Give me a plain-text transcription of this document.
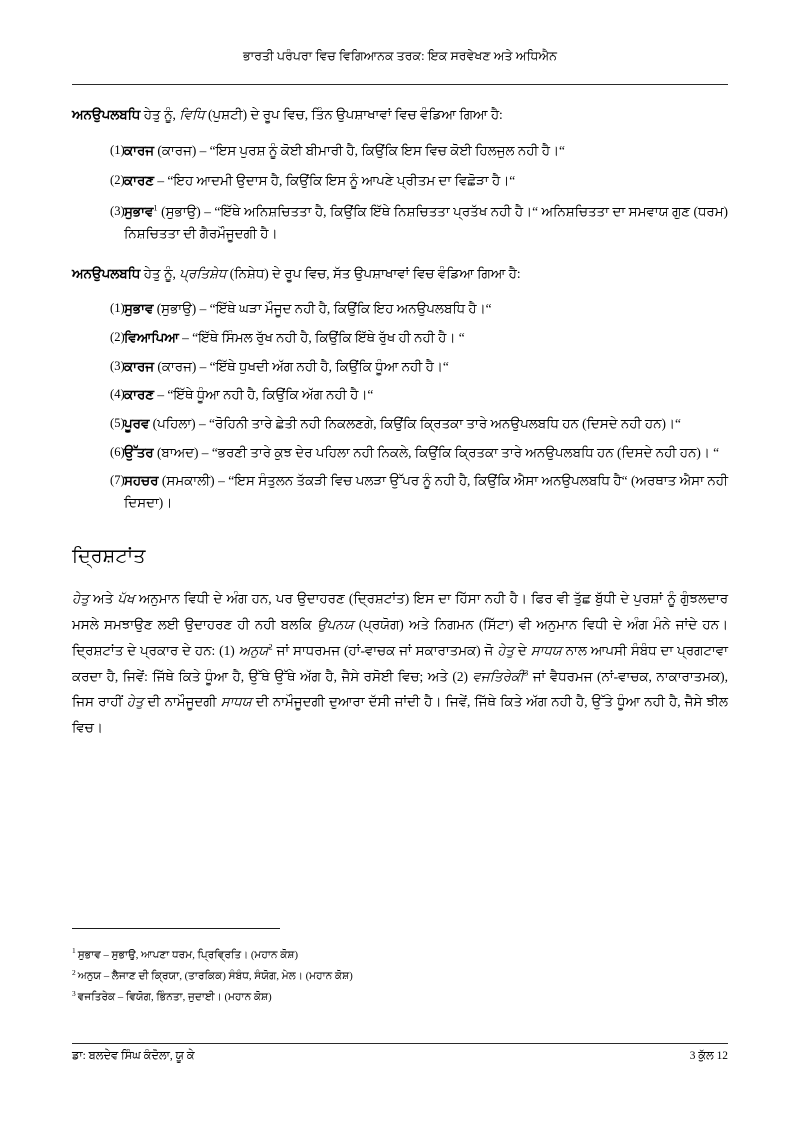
ਭਾਰਤੀ ਪਰੰਪਰਾ ਵਿਚ ਵਿਗਿਆਨਕ ਤਰਕ: ਇਕ ਸਰਵੇਖਣ ਅਤੇ ਅਧਿਐਨ

ਅਨਉਪਲਬਧਿ ਹੇਤੁ ਨੂੰ, ਵਿਧਿ (ਪੁਸ਼ਟੀ) ਦੇ ਰੂਪ ਵਿਚ, ਤਿੰਨ ਉਪਸ਼ਾਖਾਵਾਂ ਵਿਚ ਵੰਡਿਆ ਗਿਆ ਹੈ:

(1) ਕਾਰਜ (ਕਾਰਜ) – “ਇਸ ਪੁਰਸ਼ ਨੂੰ ਕੋਈ ਬੀਮਾਰੀ ਹੈ, ਕਿਉਂਕਿ ਇਸ ਵਿਚ ਕੋਈ ਹਿਲਜੁਲ ਨਹੀ ਹੈ।“
(2) ਕਾਰਣ – “ਇਹ ਆਦਮੀ ਉਦਾਸ ਹੈ, ਕਿਉਂਕਿ ਇਸ ਨੂੰ ਆਪਣੇ ਪ੍ਰੀਤਮ ਦਾ ਵਿਛੋੜਾ ਹੈ।“
(3) ਸੁਭਾਵ$^1$ (ਸੁਭਾਉ) – “ਇੱਥੇ ਅਨਿਸ਼ਚਿਤਤਾ ਹੈ, ਕਿਉਂਕਿ ਇੱਥੇ ਨਿਸ਼ਚਿਤਤਾ ਪ੍ਰਤੱਖ ਨਹੀ ਹੈ।“ ਅਨਿਸ਼ਚਿਤਤਾ ਦਾ ਸਮਵਾਯ ਗੁਣ (ਧਰਮ) ਨਿਸ਼ਚਿਤਤਾ ਦੀ ਗੈਰਮੌਜੂਦਗੀ ਹੈ।

ਅਨਉਪਲਬਧਿ ਹੇਤੁ ਨੂੰ, ਪ੍ਰਤਿਸ਼ੇਧ (ਨਿਸ਼ੇਧ) ਦੇ ਰੂਪ ਵਿਚ, ਸੱਤ ਉਪਸ਼ਾਖਾਵਾਂ ਵਿਚ ਵੰਡਿਆ ਗਿਆ ਹੈ:

(1) ਸੁਭਾਵ (ਸੁਭਾਉ) – “ਇੱਥੇ ਘੜਾ ਮੌਜੂਦ ਨਹੀ ਹੈ, ਕਿਉਂਕਿ ਇਹ ਅਨਉਪਲਬਧਿ ਹੈ।“
(2) ਵਿਆਪਿਆ – “ਇੱਥੇ ਸਿੰਮਲ ਰੁੱਖ ਨਹੀ ਹੈ, ਕਿਉਂਕਿ ਇੱਥੇ ਰੁੱਖ ਹੀ ਨਹੀ ਹੈ। “
(3) ਕਾਰਜ (ਕਾਰਜ) – “ਇੱਥੇ ਧੁਖਦੀ ਅੱਗ ਨਹੀ ਹੈ, ਕਿਉਂਕਿ ਧੂੰਆ ਨਹੀ ਹੈ।“
(4) ਕਾਰਣ – “ਇੱਥੇ ਧੂੰਆ ਨਹੀ ਹੈ, ਕਿਉਂਕਿ ਅੱਗ ਨਹੀ ਹੈ।“
(5) ਪੂਰਵ (ਪਹਿਲਾ) – “ਰੋਹਿਨੀ ਤਾਰੇ ਛੇਤੀ ਨਹੀ ਨਿਕਲਣਗੇ, ਕਿਉਂਕਿ ਕ੍ਰਿਤਕਾ ਤਾਰੇ ਅਨਉਪਲਬਧਿ ਹਨ (ਦਿਸਦੇ ਨਹੀ ਹਨ)।“
(6) ਉੱਤਰ (ਬਾਅਦ) – “ਭਰਣੀ ਤਾਰੇ ਕੁਝ ਦੇਰ ਪਹਿਲਾ ਨਹੀ ਨਿਕਲੇ, ਕਿਉਂਕਿ ਕ੍ਰਿਤਕਾ ਤਾਰੇ ਅਨਉਪਲਬਧਿ ਹਨ (ਦਿਸਦੇ ਨਹੀ ਹਨ)। “
(7) ਸਹਚਰ (ਸਮਕਾਲੀ) – “ਇਸ ਸੰਤੁਲਨ ਤੱਕੜੀ ਵਿਚ ਪਲੜਾ ਉੱਪਰ ਨੂੰ ਨਹੀ ਹੈ, ਕਿਉਂਕਿ ਐਸਾ ਅਨਉਪਲਬਧਿ ਹੈ“ (ਅਰਥਾਤ ਐਸਾ ਨਹੀ ਦਿਸਦਾ)।
ਦ੍ਰਿਸ਼ਟਾਂਤ

ਹੇਤੁ ਅਤੇ ਪੱਖ ਅਨੁਮਾਨ ਵਿਧੀ ਦੇ ਅੰਗ ਹਨ, ਪਰ ਉਦਾਹਰਣ (ਦ੍ਰਿਸ਼ਟਾਂਤ) ਇਸ ਦਾ ਹਿੱਸਾ ਨਹੀ ਹੈ। ਫਿਰ ਵੀ ਤੁੱਛ ਬੁੱਧੀ ਦੇ ਪੁਰਸ਼ਾਂ ਨੂੰ ਗੁੰਝਲਦਾਰ ਮਸਲੇ ਸਮਝਾਉਣ ਲਈ ਉਦਾਹਰਣ ਹੀ ਨਹੀ ਬਲਕਿ ਉਪਨਯ (ਪ੍ਰਯੋਗ) ਅਤੇ ਨਿਗਮਨ (ਸਿੱਟਾ) ਵੀ ਅਨੁਮਾਨ ਵਿਧੀ ਦੇ ਅੰਗ ਮੰਨੇ ਜਾਂਦੇ ਹਨ। ਦ੍ਰਿਸ਼ਟਾਂਤ ਦੇ ਪ੍ਰਕਾਰ ਦੇ ਹਨ: (1) ਅਨੁਯ$^2$ ਜਾਂ ਸਾਧਰਮਜ (ਹਾਂ-ਵਾਚਕ ਜਾਂ ਸਕਾਰਾਤਮਕ) ਜੋ ਹੇਤੁ ਦੇ ਸਾਧਯ ਨਾਲ ਆਪਸੀ ਸੰਬੰਧ ਦਾ ਪ੍ਰਗਟਾਵਾ ਕਰਦਾ ਹੈ, ਜਿਵੇਂ: ਜਿੱਥੇ ਕਿਤੇ ਧੂੰਆ ਹੈ, ਉੱਥੇ ਉੱਥੇ ਅੱਗ ਹੈ, ਜੈਸੇ ਰਸੋਈ ਵਿਚ; ਅਤੇ (2) ਵਜਤਿਰੇਕੀ$^3$ ਜਾਂ ਵੈਧਰਮਜ (ਨਾਂ-ਵਾਚਕ, ਨਾਕਾਰਾਤਮਕ), ਜਿਸ ਰਾਹੀਂ ਹੇਤੁ ਦੀ ਨਾਮੌਜੂਦਗੀ ਸਾਧਯ ਦੀ ਨਾਮੌਜੂਦਗੀ ਦੁਆਰਾ ਦੱਸੀ ਜਾਂਦੀ ਹੈ। ਜਿਵੇਂ, ਜਿੱਥੇ ਕਿਤੇ ਅੱਗ ਨਹੀ ਹੈ, ਉੱਤੇ ਧੂੰਆ ਨਹੀ ਹੈ, ਜੈਸੇ ਝੀਲ ਵਿਚ।

$^1$ ਸੁਭਾਵ – ਸੁਭਾਉ, ਆਪਣਾ ਧਰਮ, ਪ੍ਰਿਵ੍ਰਿਤਿ। (ਮਹਾਨ ਕੋਸ਼)
$^2$ ਅਨੁਯ – ਲੈਜਾਣ ਦੀ ਕ੍ਰਿਯਾ, (ਤਾਰਕਿਕ) ਸੰਬੰਧ, ਸੰਯੋਗ, ਮੇਲ। (ਮਹਾਨ ਕੋਸ਼)
$^3$ ਵਜਤਿਰੇਕ – ਵਿਯੋਗ, ਭਿੰਨਤਾ, ਜੁਦਾਈ। (ਮਹਾਨ ਕੋਸ਼)
ਡਾ: ਬਲਦੇਵ ਸਿੰਘ ਕੰਦੋਲਾ, ਯੂ ਕੇ	3 ਕੁੱਲ 12
